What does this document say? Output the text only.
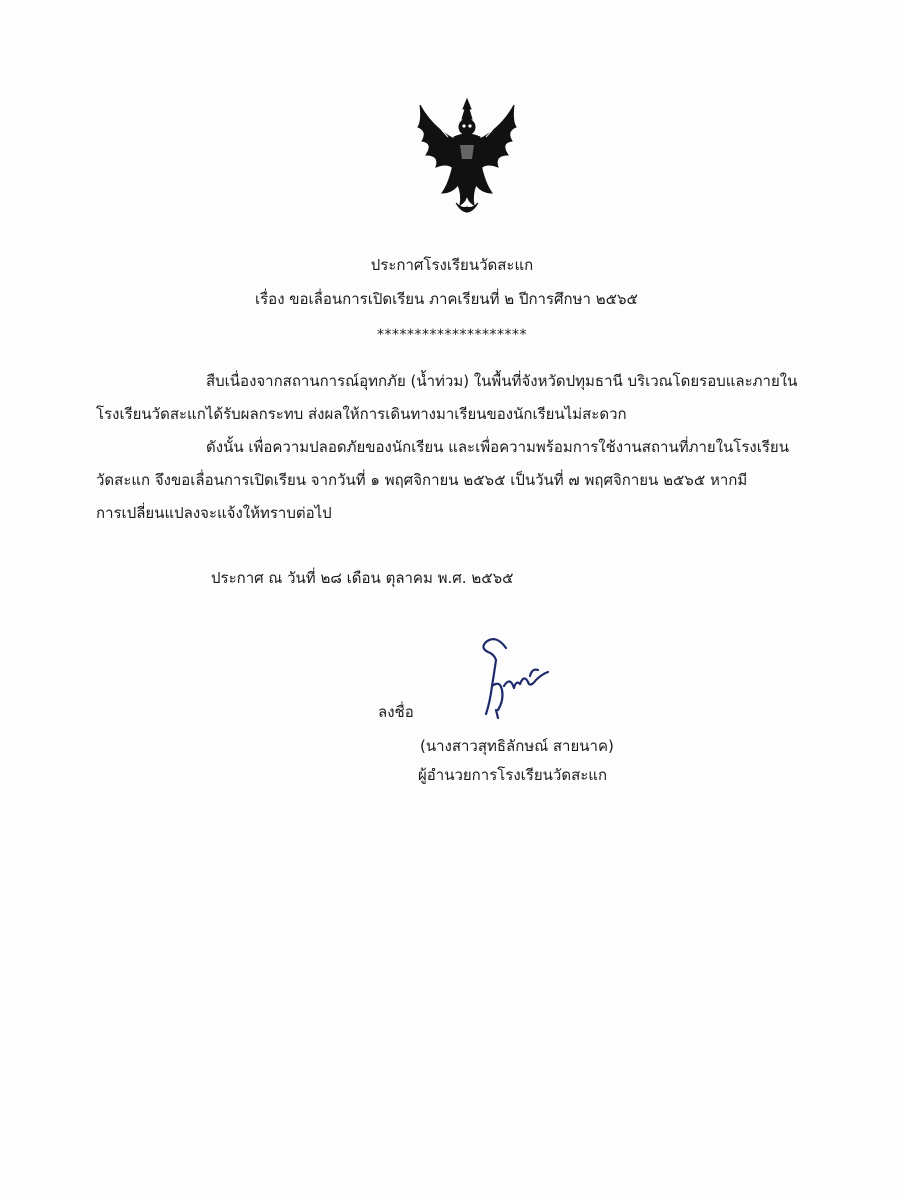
ประกาศโรงเรียนวัดสะแก
เรื่อง ขอเลื่อนการเปิดเรียน ภาคเรียนที่ ๒ ปีการศึกษา ๒๕๖๕
********************
สืบเนื่องจากสถานการณ์อุทกภัย (น้ำท่วม) ในพื้นที่จังหวัดปทุมธานี บริเวณโดยรอบและภายใน
โรงเรียนวัดสะแกได้รับผลกระทบ ส่งผลให้การเดินทางมาเรียนของนักเรียนไม่สะดวก
ดังนั้น เพื่อความปลอดภัยของนักเรียน และเพื่อความพร้อมการใช้งานสถานที่ภายในโรงเรียน
วัดสะแก จึงขอเลื่อนการเปิดเรียน จากวันที่ ๑ พฤศจิกายน ๒๕๖๕ เป็นวันที่ ๗ พฤศจิกายน ๒๕๖๕ หากมี
การเปลี่ยนแปลงจะแจ้งให้ทราบต่อไป
ประกาศ ณ วันที่ ๒๘ เดือน ตุลาคม พ.ศ. ๒๕๖๕
ลงชื่อ
(นางสาวสุทธิลักษณ์ สายนาค)
ผู้อำนวยการโรงเรียนวัดสะแก
